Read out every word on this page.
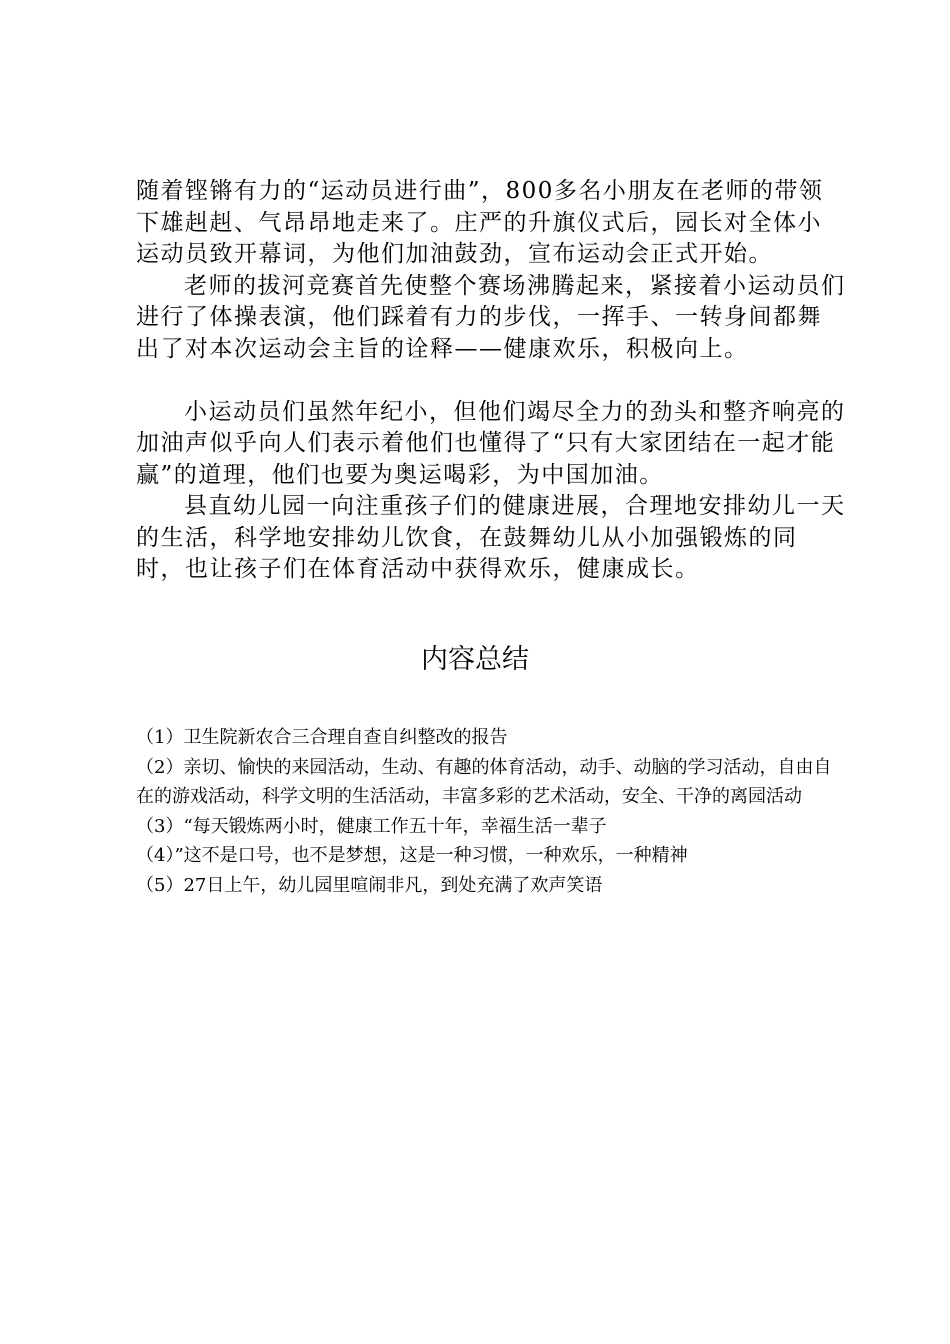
随着铿锵有力的“运动员进行曲”，800多名小朋友在老师的带领下雄赳赳、气昂昂地走来了。庄严的升旗仪式后，园长对全体小运动员致开幕词，为他们加油鼓劲，宣布运动会正式开始。

老师的拔河竞赛首先使整个赛场沸腾起来，紧接着小运动员们进行了体操表演，他们踩着有力的步伐，一挥手、一转身间都舞出了对本次运动会主旨的诠释——健康欢乐，积极向上。

小运动员们虽然年纪小，但他们竭尽全力的劲头和整齐响亮的加油声似乎向人们表示着他们也懂得了“只有大家团结在一起才能赢”的道理，他们也要为奥运喝彩，为中国加油。

县直幼儿园一向注重孩子们的健康进展，合理地安排幼儿一天的生活，科学地安排幼儿饮食，在鼓舞幼儿从小加强锻炼的同时，也让孩子们在体育活动中获得欢乐，健康成长。

内容总结

（1）卫生院新农合三合理自查自纠整改的报告

（2）亲切、愉快的来园活动，生动、有趣的体育活动，动手、动脑的学习活动，自由自在的游戏活动，科学文明的生活活动，丰富多彩的艺术活动，安全、干净的离园活动

（3）“每天锻炼两小时，健康工作五十年，幸福生活一辈子

（4）”这不是口号，也不是梦想，这是一种习惯，一种欢乐，一种精神

（5）27日上午，幼儿园里喧闹非凡，到处充满了欢声笑语
